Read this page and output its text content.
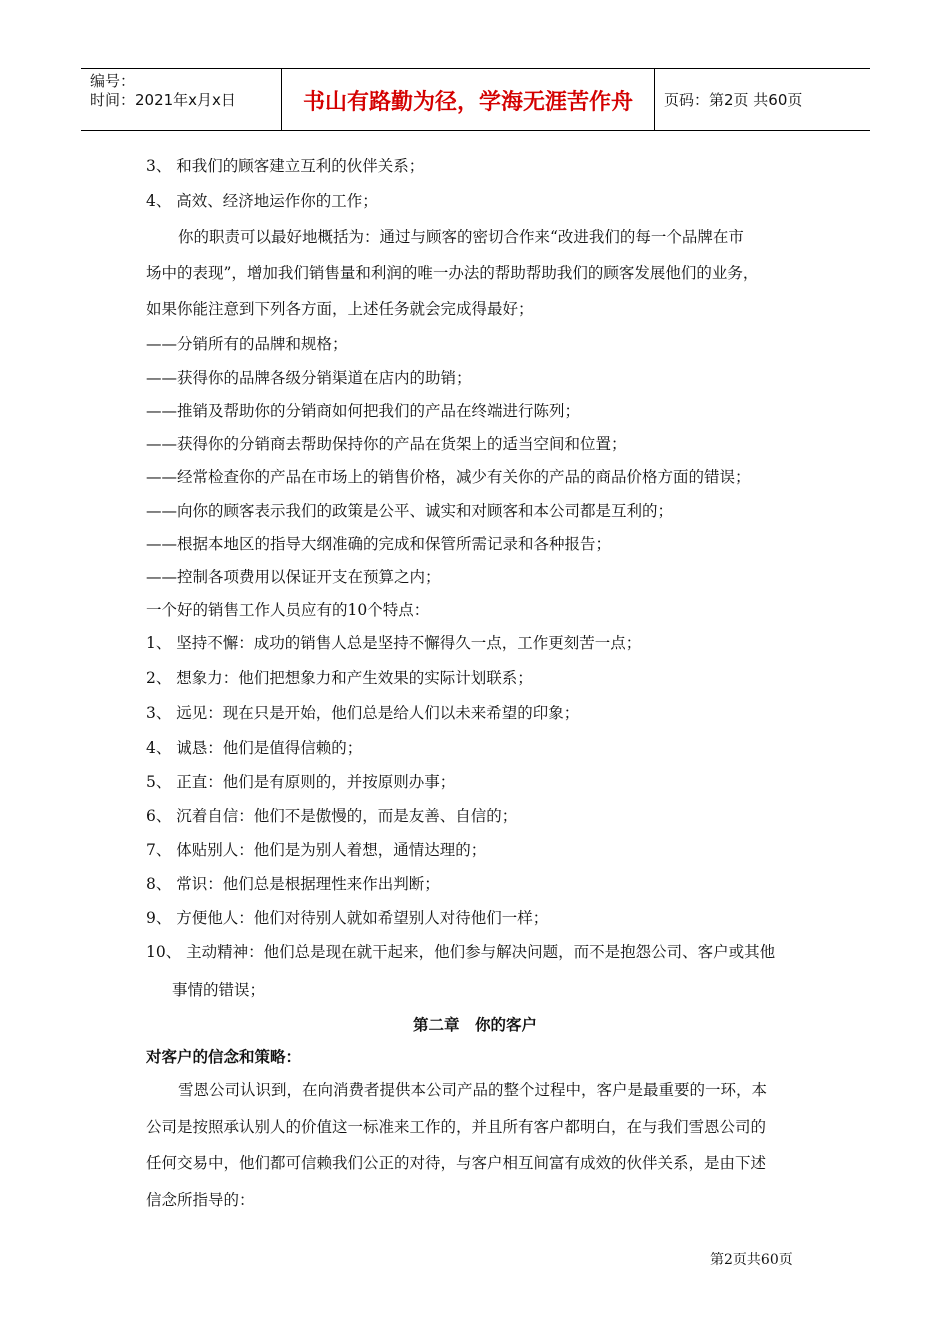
编号：
时间：2021年x月x日	书山有路勤为径，学海无涯苦作舟	页码：第2页 共60页
3、 和我们的顾客建立互利的伙伴关系；
4、 高效、经济地运作你的工作；
你的职责可以最好地概括为：通过与顾客的密切合作来“改进我们的每一个品牌在市
场中的表现”，增加我们销售量和利润的唯一办法的帮助帮助我们的顾客发展他们的业务，
如果你能注意到下列各方面，上述任务就会完成得最好；
——分销所有的品牌和规格；
——获得你的品牌各级分销渠道在店内的助销；
——推销及帮助你的分销商如何把我们的产品在终端进行陈列；
——获得你的分销商去帮助保持你的产品在货架上的适当空间和位置；
——经常检查你的产品在市场上的销售价格，减少有关你的产品的商品价格方面的错误；
——向你的顾客表示我们的政策是公平、诚实和对顾客和本公司都是互利的；
——根据本地区的指导大纲准确的完成和保管所需记录和各种报告；
——控制各项费用以保证开支在预算之内；
一个好的销售工作人员应有的10个特点：
1、 坚持不懈：成功的销售人总是坚持不懈得久一点，工作更刻苦一点；
2、 想象力：他们把想象力和产生效果的实际计划联系；
3、 远见：现在只是开始，他们总是给人们以未来希望的印象；
4、 诚恳：他们是值得信赖的；
5、 正直：他们是有原则的，并按原则办事；
6、 沉着自信：他们不是傲慢的，而是友善、自信的；
7、 体贴别人：他们是为别人着想，通情达理的；
8、 常识：他们总是根据理性来作出判断；
9、 方便他人：他们对待别人就如希望别人对待他们一样；
10、 主动精神：他们总是现在就干起来，他们参与解决问题，而不是抱怨公司、客户或其他
事情的错误；
第二章　你的客户
对客户的信念和策略：
雪恩公司认识到，在向消费者提供本公司产品的整个过程中，客户是最重要的一环，本
公司是按照承认别人的价值这一标准来工作的，并且所有客户都明白，在与我们雪恩公司的
任何交易中，他们都可信赖我们公正的对待，与客户相互间富有成效的伙伴关系，是由下述
信念所指导的：
第2页共60页
